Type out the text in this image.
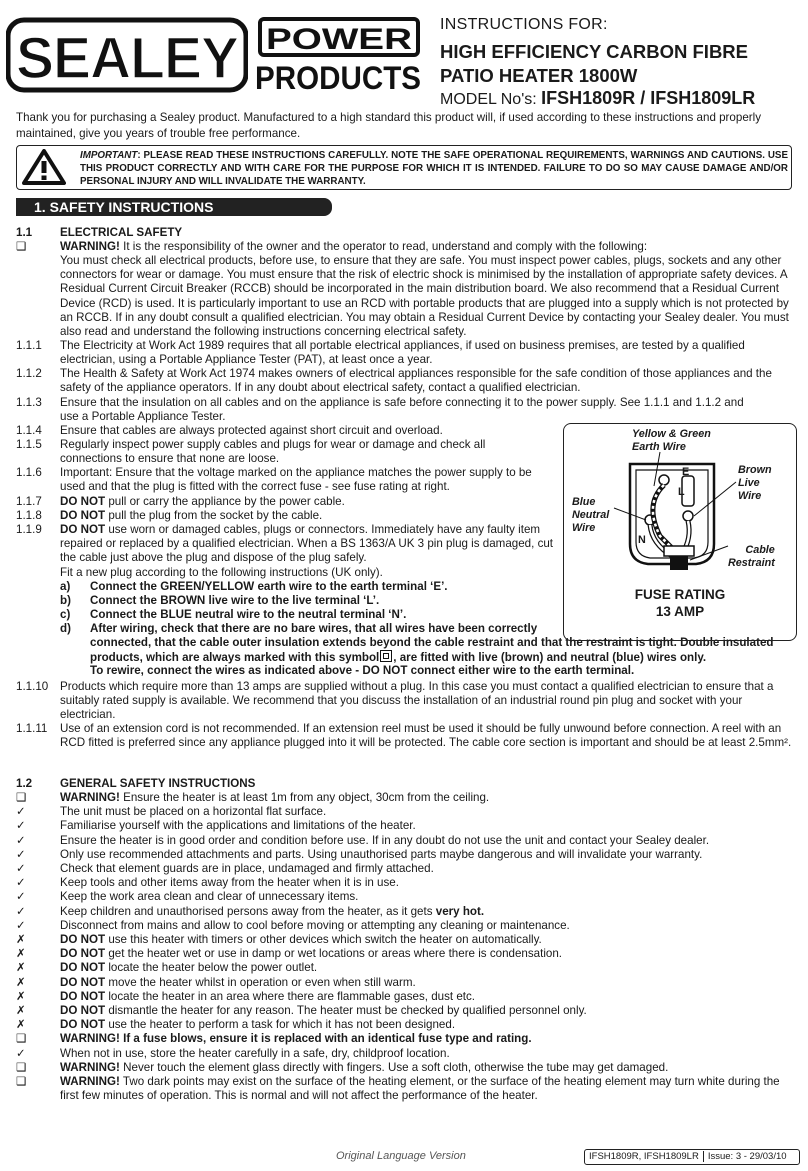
SEALEY POWER
PRODUCTS
INSTRUCTIONS FOR:
HIGH EFFICIENCY CARBON FIBRE
PATIO HEATER 1800W
MODEL No's: IFSH1809R / IFSH1809LR
Thank you for purchasing a Sealey product. Manufactured to a high standard this product will, if used according to these instructions and properly maintained, give you years of trouble free performance.
IMPORTANT: PLEASE READ THESE INSTRUCTIONS CAREFULLY. NOTE THE SAFE OPERATIONAL REQUIREMENTS, WARNINGS AND CAUTIONS. USE THIS PRODUCT CORRECTLY AND WITH CARE FOR THE PURPOSE FOR WHICH IT IS INTENDED. FAILURE TO DO SO MAY CAUSE DAMAGE AND/OR PERSONAL INJURY AND WILL INVALIDATE THE WARRANTY.
1. SAFETY INSTRUCTIONS
1.1	ELECTRICAL SAFETY
❑	WARNING! It is the responsibility of the owner and the operator to read, understand and comply with the following:
You must check all electrical products, before use, to ensure that they are safe. You must inspect power cables, plugs, sockets and any other connectors for wear or damage. You must ensure that the risk of electric shock is minimised by the installation of appropriate safety devices. A Residual Current Circuit Breaker (RCCB) should be incorporated in the main distribution board. We also recommend that a Residual Current Device (RCD) is used. It is particularly important to use an RCD with portable products that are plugged into a supply which is not protected by an RCCB. If in any doubt consult a qualified electrician. You may obtain a Residual Current Device by contacting your Sealey dealer. You must also read and understand the following instructions concerning electrical safety.
1.1.1	The Electricity at Work Act 1989 requires that all portable electrical appliances, if used on business premises, are tested by a qualified electrician, using a Portable Appliance Tester (PAT), at least once a year.
1.1.2	The Health & Safety at Work Act 1974 makes owners of electrical appliances responsible for the safe condition of those appliances and the safety of the appliance operators. If in any doubt about electrical safety, contact a qualified electrician.
1.1.3	Ensure that the insulation on all cables and on the appliance is safe before connecting it to the power supply. See 1.1.1 and 1.1.2 and use a Portable Appliance Tester.
1.1.4	Ensure that cables are always protected against short circuit and overload.
1.1.5	Regularly inspect power supply cables and plugs for wear or damage and check all connections to ensure that none are loose.
1.1.6	Important: Ensure that the voltage marked on the appliance matches the power supply to be used and that the plug is fitted with the correct fuse - see fuse rating at right.
1.1.7	DO NOT pull or carry the appliance by the power cable.
1.1.8	DO NOT pull the plug from the socket by the cable.
1.1.9	DO NOT use worn or damaged cables, plugs or connectors. Immediately have any faulty item repaired or replaced by a qualified electrician. When a BS 1363/A UK 3 pin plug is damaged, cut the cable just above the plug and dispose of the plug safely.
Fit a new plug according to the following instructions (UK only).
a) Connect the GREEN/YELLOW earth wire to the earth terminal ‘E’.
b) Connect the BROWN live wire to the live terminal ‘L’.
c) Connect the BLUE neutral wire to the neutral terminal ‘N’.
d) After wiring, check that there are no bare wires, that all wires have been correctly
connected, that the cable outer insulation extends beyond the cable restraint and that the restraint is tight. Double insulated products, which are always marked with this symbol , are fitted with live (brown) and neutral (blue) wires only.
To rewire, connect the wires as indicated above - DO NOT connect either wire to the earth terminal.
1.1.10	Products which require more than 13 amps are supplied without a plug. In this case you must contact a qualified electrician to ensure that a suitably rated supply is available. We recommend that you discuss the installation of an industrial round pin plug and socket with your electrician.
1.1.11	Use of an extension cord is not recommended. If an extension reel must be used it should be fully unwound before connection. A reel with an RCD fitted is preferred since any appliance plugged into it will be protected. The cable core section is important and should be at least 2.5mm².
1.2	GENERAL SAFETY INSTRUCTIONS
❑	WARNING! Ensure the heater is at least 1m from any object, 30cm from the ceiling.
✓	The unit must be placed on a horizontal flat surface.
✓	Familiarise yourself with the applications and limitations of the heater.
✓	Ensure the heater is in good order and condition before use. If in any doubt do not use the unit and contact your Sealey dealer.
✓	Only use recommended attachments and parts. Using unauthorised parts maybe dangerous and will invalidate your warranty.
✓	Check that element guards are in place, undamaged and firmly attached.
✓	Keep tools and other items away from the heater when it is in use.
✓	Keep the work area clean and clear of unnecessary items.
✓	Keep children and unauthorised persons away from the heater, as it gets very hot.
✓	Disconnect from mains and allow to cool before moving or attempting any cleaning or maintenance.
✗	DO NOT use this heater with timers or other devices which switch the heater on automatically.
✗	DO NOT get the heater wet or use in damp or wet locations or areas where there is condensation.
✗	DO NOT locate the heater below the power outlet.
✗	DO NOT move the heater whilst in operation or even when still warm.
✗	DO NOT locate the heater in an area where there are flammable gases, dust etc.
✗	DO NOT dismantle the heater for any reason. The heater must be checked by qualified personnel only.
✗	DO NOT use the heater to perform a task for which it has not been designed.
❑	WARNING! If a fuse blows, ensure it is replaced with an identical fuse type and rating.
✓	When not in use, store the heater carefully in a safe, dry, childproof location.
❑	WARNING! Never touch the element glass directly with fingers. Use a soft cloth, otherwise the tube may get damaged.
❑	WARNING! Two dark points may exist on the surface of the heating element, or the surface of the heating element may turn white during the first few minutes of operation. This is normal and will not affect the performance of the heater.
Yellow & Green
Earth Wire
Brown
Live
Wire
Blue
Neutral
Wire
Cable
Restraint
E
L
N
FUSE RATING
13 AMP
Original Language Version	IFSH1809R, IFSH1809LR Issue: 3 - 29/03/10
